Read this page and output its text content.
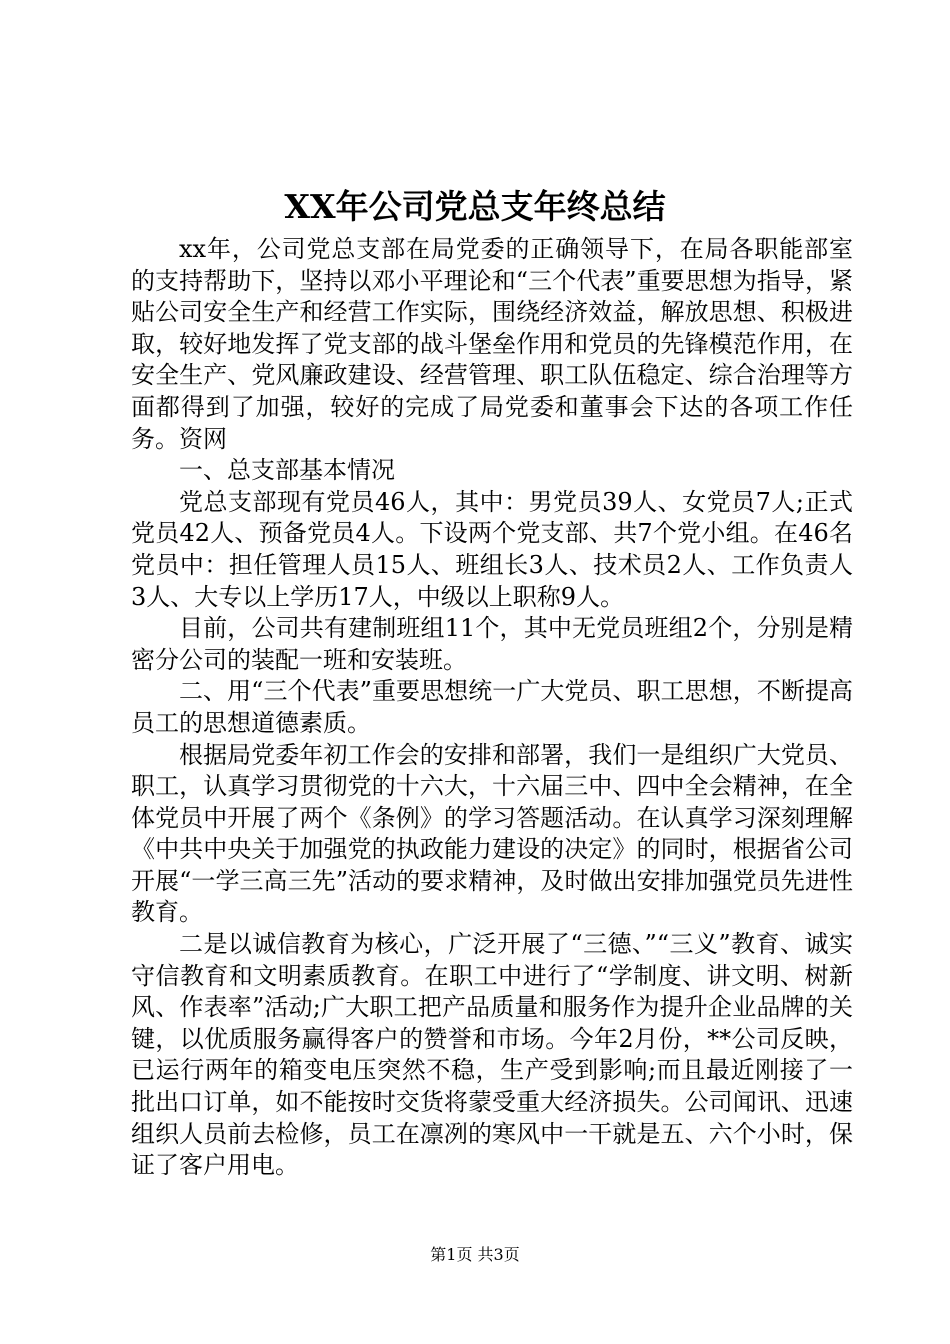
XX年公司党总支年终总结

xx年，公司党总支部在局党委的正确领导下，在局各职能部室的支持帮助下，坚持以邓小平理论和“三个代表”重要思想为指导，紧贴公司安全生产和经营工作实际，围绕经济效益，解放思想、积极进取，较好地发挥了党支部的战斗堡垒作用和党员的先锋模范作用，在安全生产、党风廉政建设、经营管理、职工队伍稳定、综合治理等方面都得到了加强，较好的完成了局党委和董事会下达的各项工作任务。资网

一、总支部基本情况

党总支部现有党员46人，其中：男党员39人、女党员7人;正式党员42人、预备党员4人。下设两个党支部、共7个党小组。在46名党员中：担任管理人员15人、班组长3人、技术员2人、工作负责人3人、大专以上学历17人，中级以上职称9人。

目前，公司共有建制班组11个，其中无党员班组2个，分别是精密分公司的装配一班和安装班。

二、用“三个代表”重要思想统一广大党员、职工思想，不断提高员工的思想道德素质。

根据局党委年初工作会的安排和部署，我们一是组织广大党员、职工，认真学习贯彻党的十六大，十六届三中、四中全会精神，在全体党员中开展了两个《条例》的学习答题活动。在认真学习深刻理解《中共中央关于加强党的执政能力建设的决定》的同时，根据省公司开展“一学三高三先”活动的要求精神，及时做出安排加强党员先进性教育。

二是以诚信教育为核心，广泛开展了“三德、”“三义”教育、诚实守信教育和文明素质教育。在职工中进行了“学制度、讲文明、树新风、作表率”活动;广大职工把产品质量和服务作为提升企业品牌的关键，以优质服务赢得客户的赞誉和市场。今年2月份，**公司反映，已运行两年的箱变电压突然不稳，生产受到影响;而且最近刚接了一批出口订单，如不能按时交货将蒙受重大经济损失。公司闻讯、迅速组织人员前去检修，员工在凛冽的寒风中一干就是五、六个小时，保证了客户用电。

第1页 共3页
